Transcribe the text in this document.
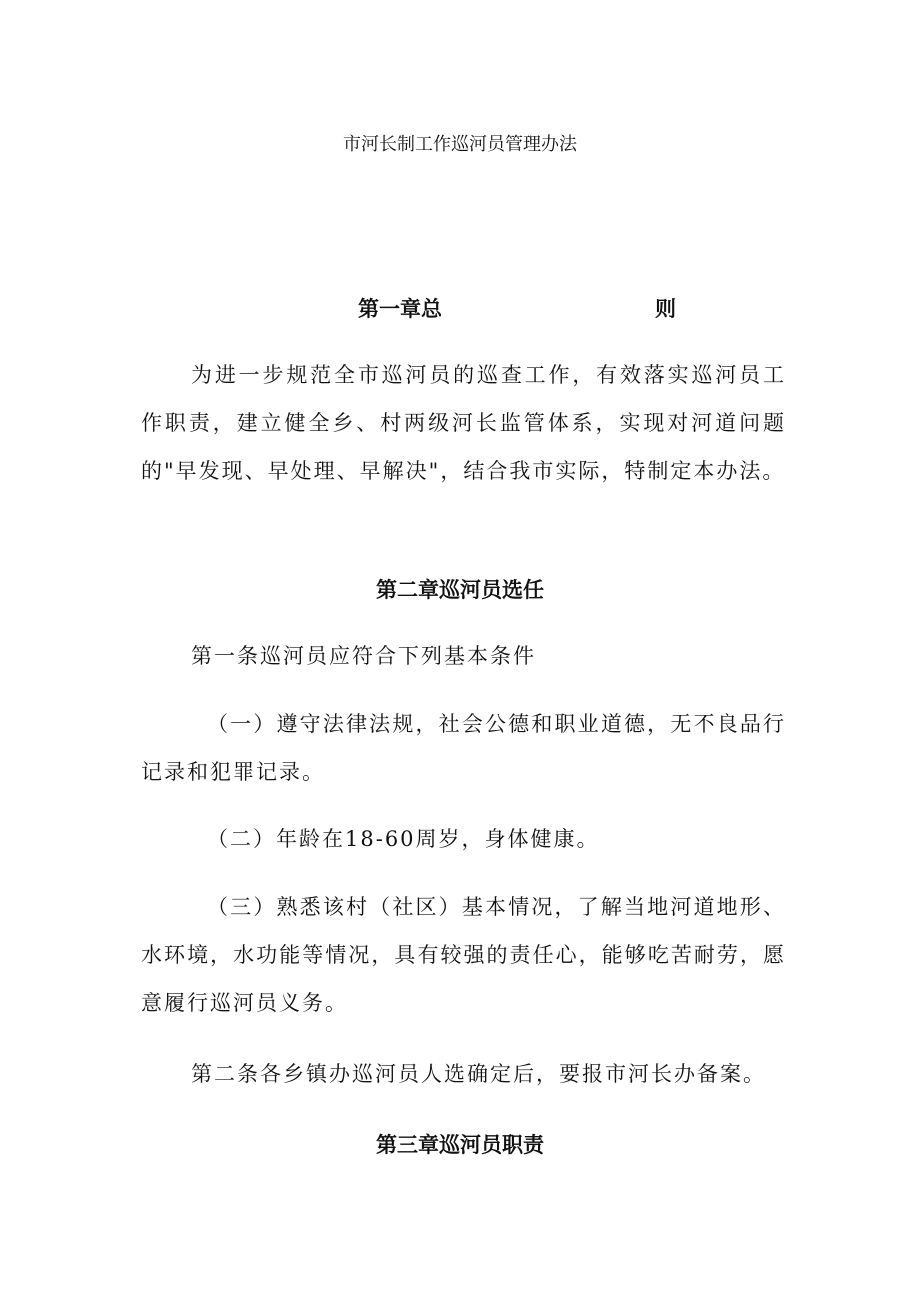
市河长制工作巡河员管理办法
第一章总	则
为进一步规范全市巡河员的巡查工作，有效落实巡河员工作职责，建立健全乡、村两级河长监管体系，实现对河道问题的"早发现、早处理、早解决"，结合我市实际，特制定本办法。
第二章巡河员选任
第一条巡河员应符合下列基本条件
（一）遵守法律法规，社会公德和职业道德，无不良品行记录和犯罪记录。
（二）年龄在18-60周岁，身体健康。
（三）熟悉该村（社区）基本情况，了解当地河道地形、水环境，水功能等情况，具有较强的责任心，能够吃苦耐劳，愿意履行巡河员义务。
第二条各乡镇办巡河员人选确定后，要报市河长办备案。
第三章巡河员职责
